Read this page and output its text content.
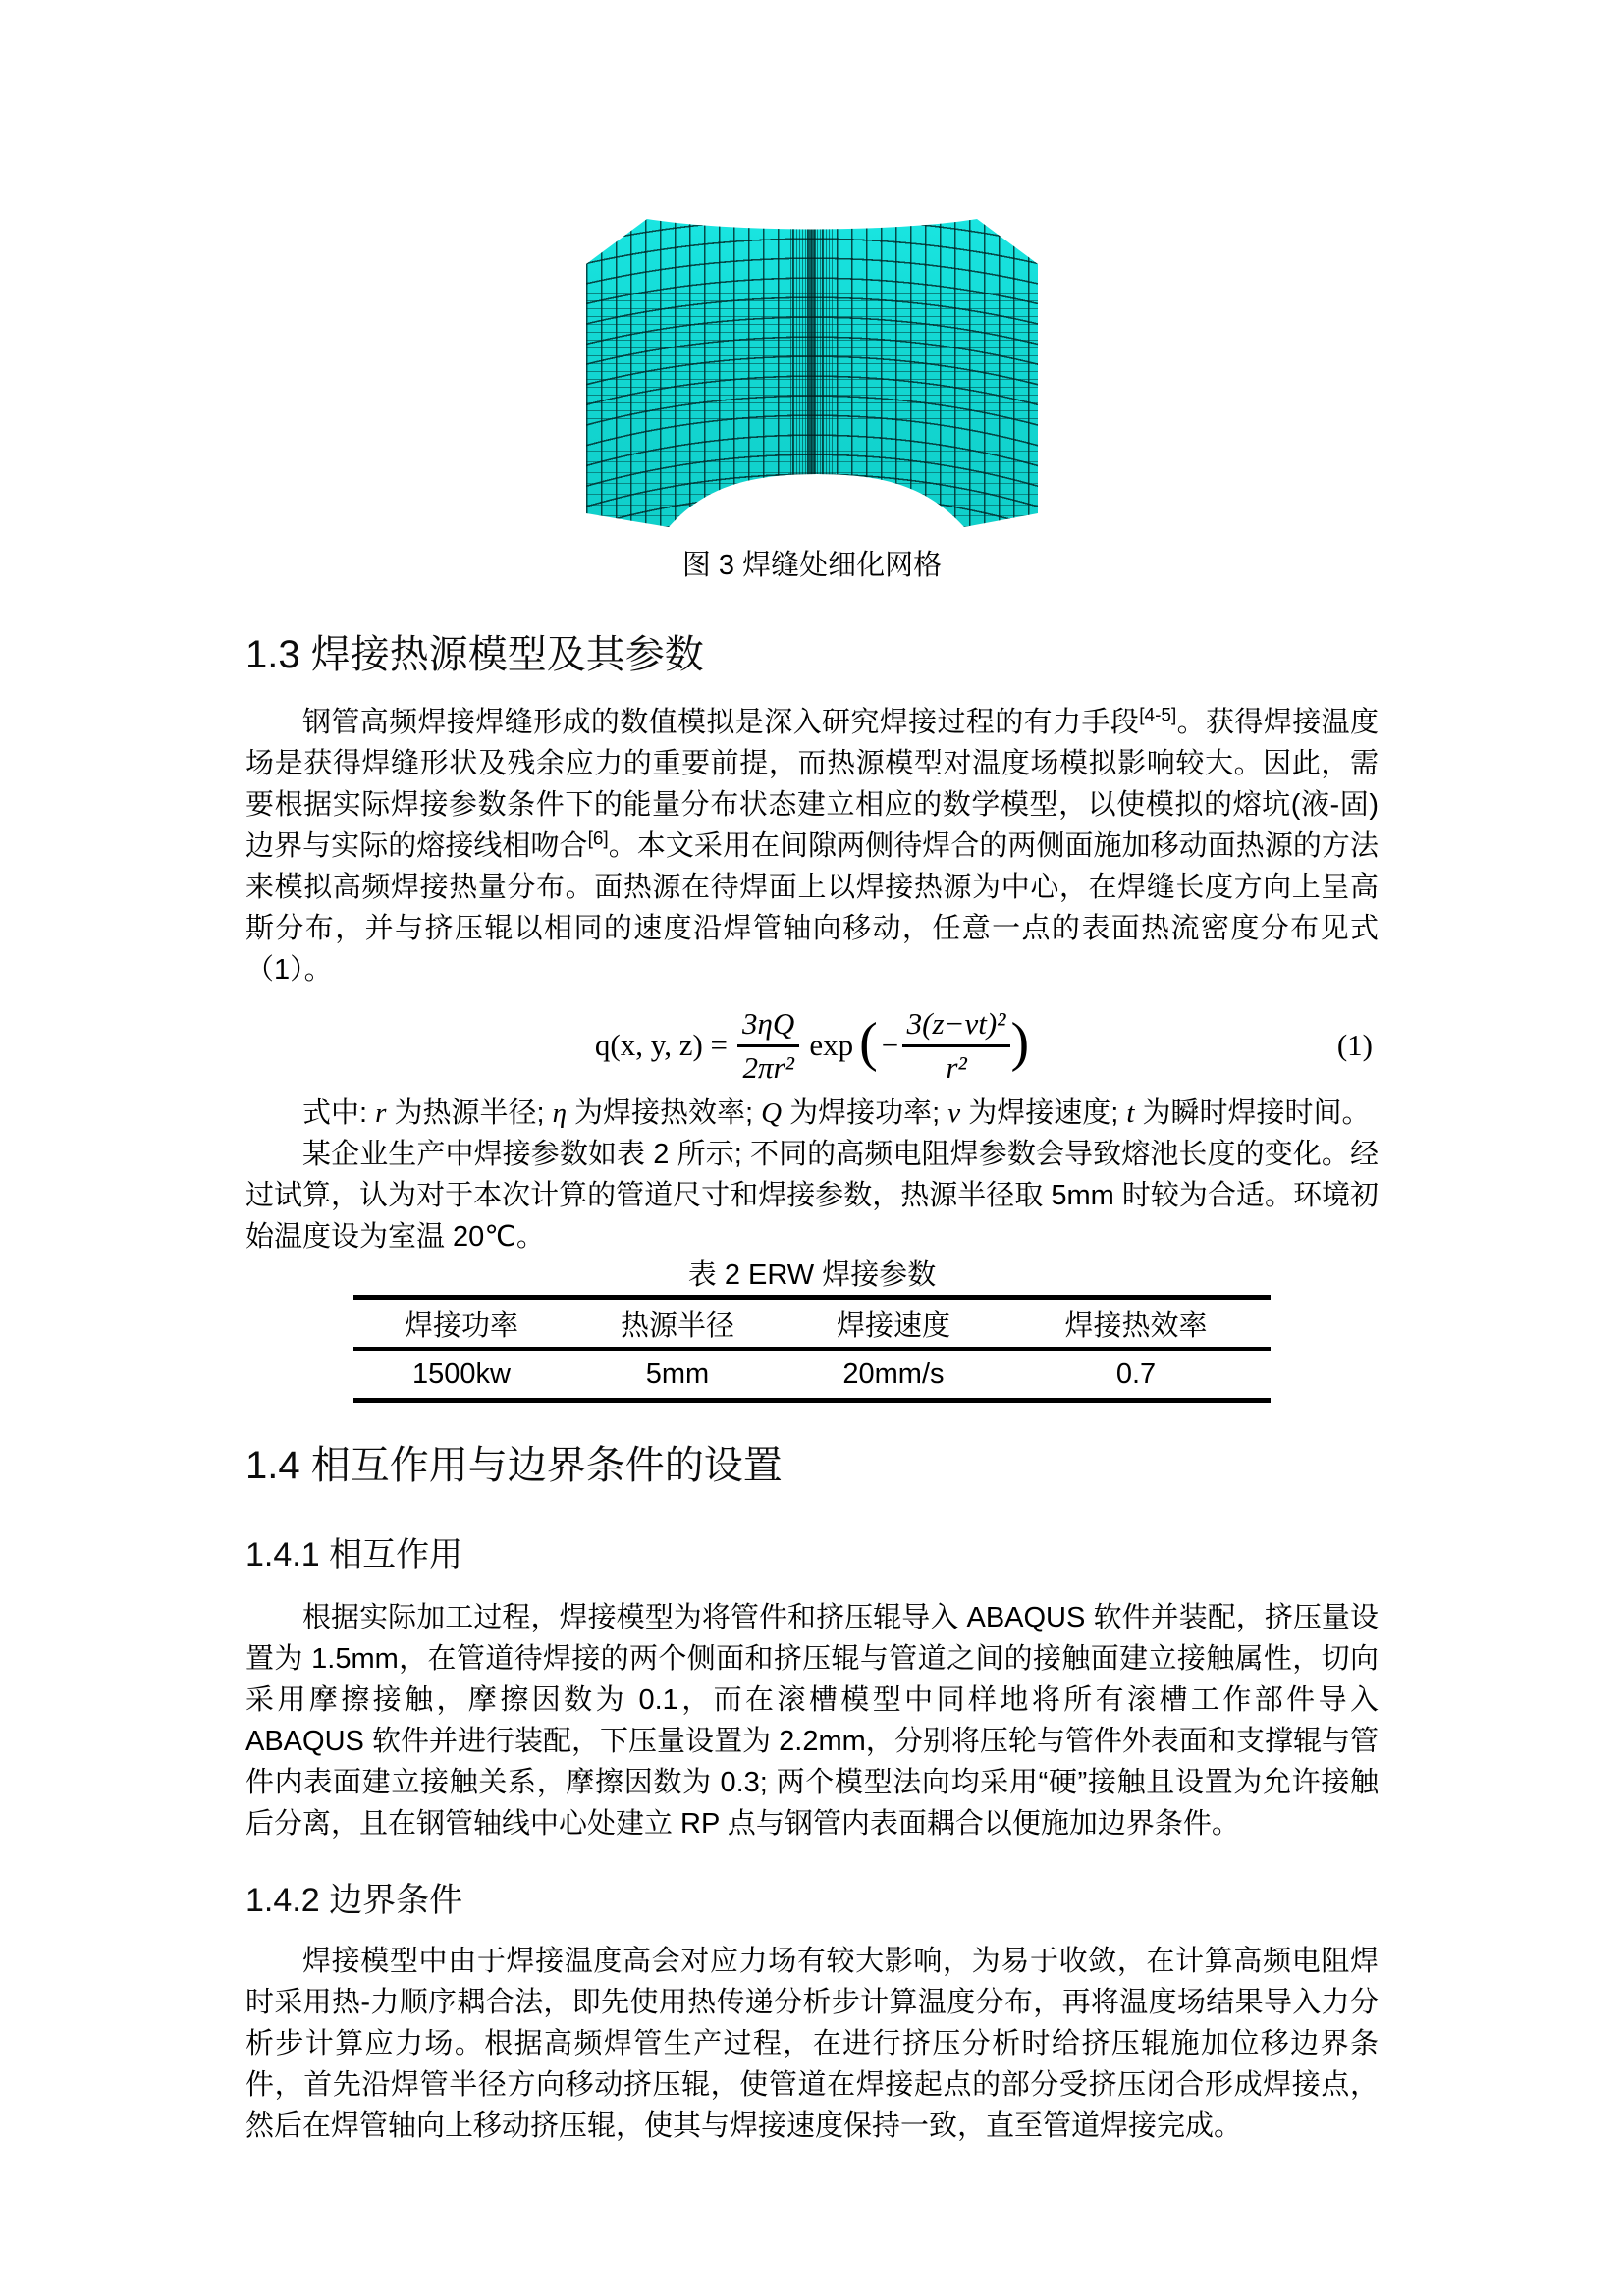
图 3 焊缝处细化网格
1.3 焊接热源模型及其参数

钢管高频焊接焊缝形成的数值模拟是深入研究焊接过程的有力手段[4-5]。获得焊接温度场是获得焊缝形状及残余应力的重要前提，而热源模型对温度场模拟影响较大。因此，需要根据实际焊接参数条件下的能量分布状态建立相应的数学模型，以使模拟的熔坑(液-固)边界与实际的熔接线相吻合[6]。本文采用在间隙两侧待焊合的两侧面施加移动面热源的方法来模拟高频焊接热量分布。面热源在待焊面上以焊接热源为中心，在焊缝长度方向上呈高斯分布，并与挤压辊以相同的速度沿焊管轴向移动，任意一点的表面热流密度分布见式（1）。

q(x, y, $z) = \frac{3\eta Q}{\text{2πr²}}$ exp ( − $\frac{\text{3(z−vt)²}}{\text{r²}}$ )	(1)

式中: r 为热源半径; η 为焊接热效率; Q 为焊接功率; v 为焊接速度; t 为瞬时焊接时间。

某企业生产中焊接参数如表 2 所示; 不同的高频电阻焊参数会导致熔池长度的变化。经过试算，认为对于本次计算的管道尺寸和焊接参数，热源半径取 5mm 时较为合适。环境初始温度设为室温 20℃。

表 2 ERW 焊接参数
焊接功率	热源半径	焊接速度	焊接热效率
1500kw	5mm	20mm/s	0.7
1.4 相互作用与边界条件的设置
1.4.1 相互作用

根据实际加工过程，焊接模型为将管件和挤压辊导入 ABAQUS 软件并装配，挤压量设置为 1.5mm，在管道待焊接的两个侧面和挤压辊与管道之间的接触面建立接触属性，切向采用摩擦接触，摩擦因数为 0.1，而在滚槽模型中同样地将所有滚槽工作部件导入 ABAQUS 软件并进行装配，下压量设置为 2.2mm，分别将压轮与管件外表面和支撑辊与管件内表面建立接触关系，摩擦因数为 0.3; 两个模型法向均采用“硬”接触且设置为允许接触后分离，且在钢管轴线中心处建立 RP 点与钢管内表面耦合以便施加边界条件。

1.4.2 边界条件

焊接模型中由于焊接温度高会对应力场有较大影响，为易于收敛，在计算高频电阻焊时采用热-力顺序耦合法，即先使用热传递分析步计算温度分布，再将温度场结果导入力分析步计算应力场。根据高频焊管生产过程，在进行挤压分析时给挤压辊施加位移边界条件，首先沿焊管半径方向移动挤压辊，使管道在焊接起点的部分受挤压闭合形成焊接点，然后在焊管轴向上移动挤压辊，使其与焊接速度保持一致，直至管道焊接完成。
